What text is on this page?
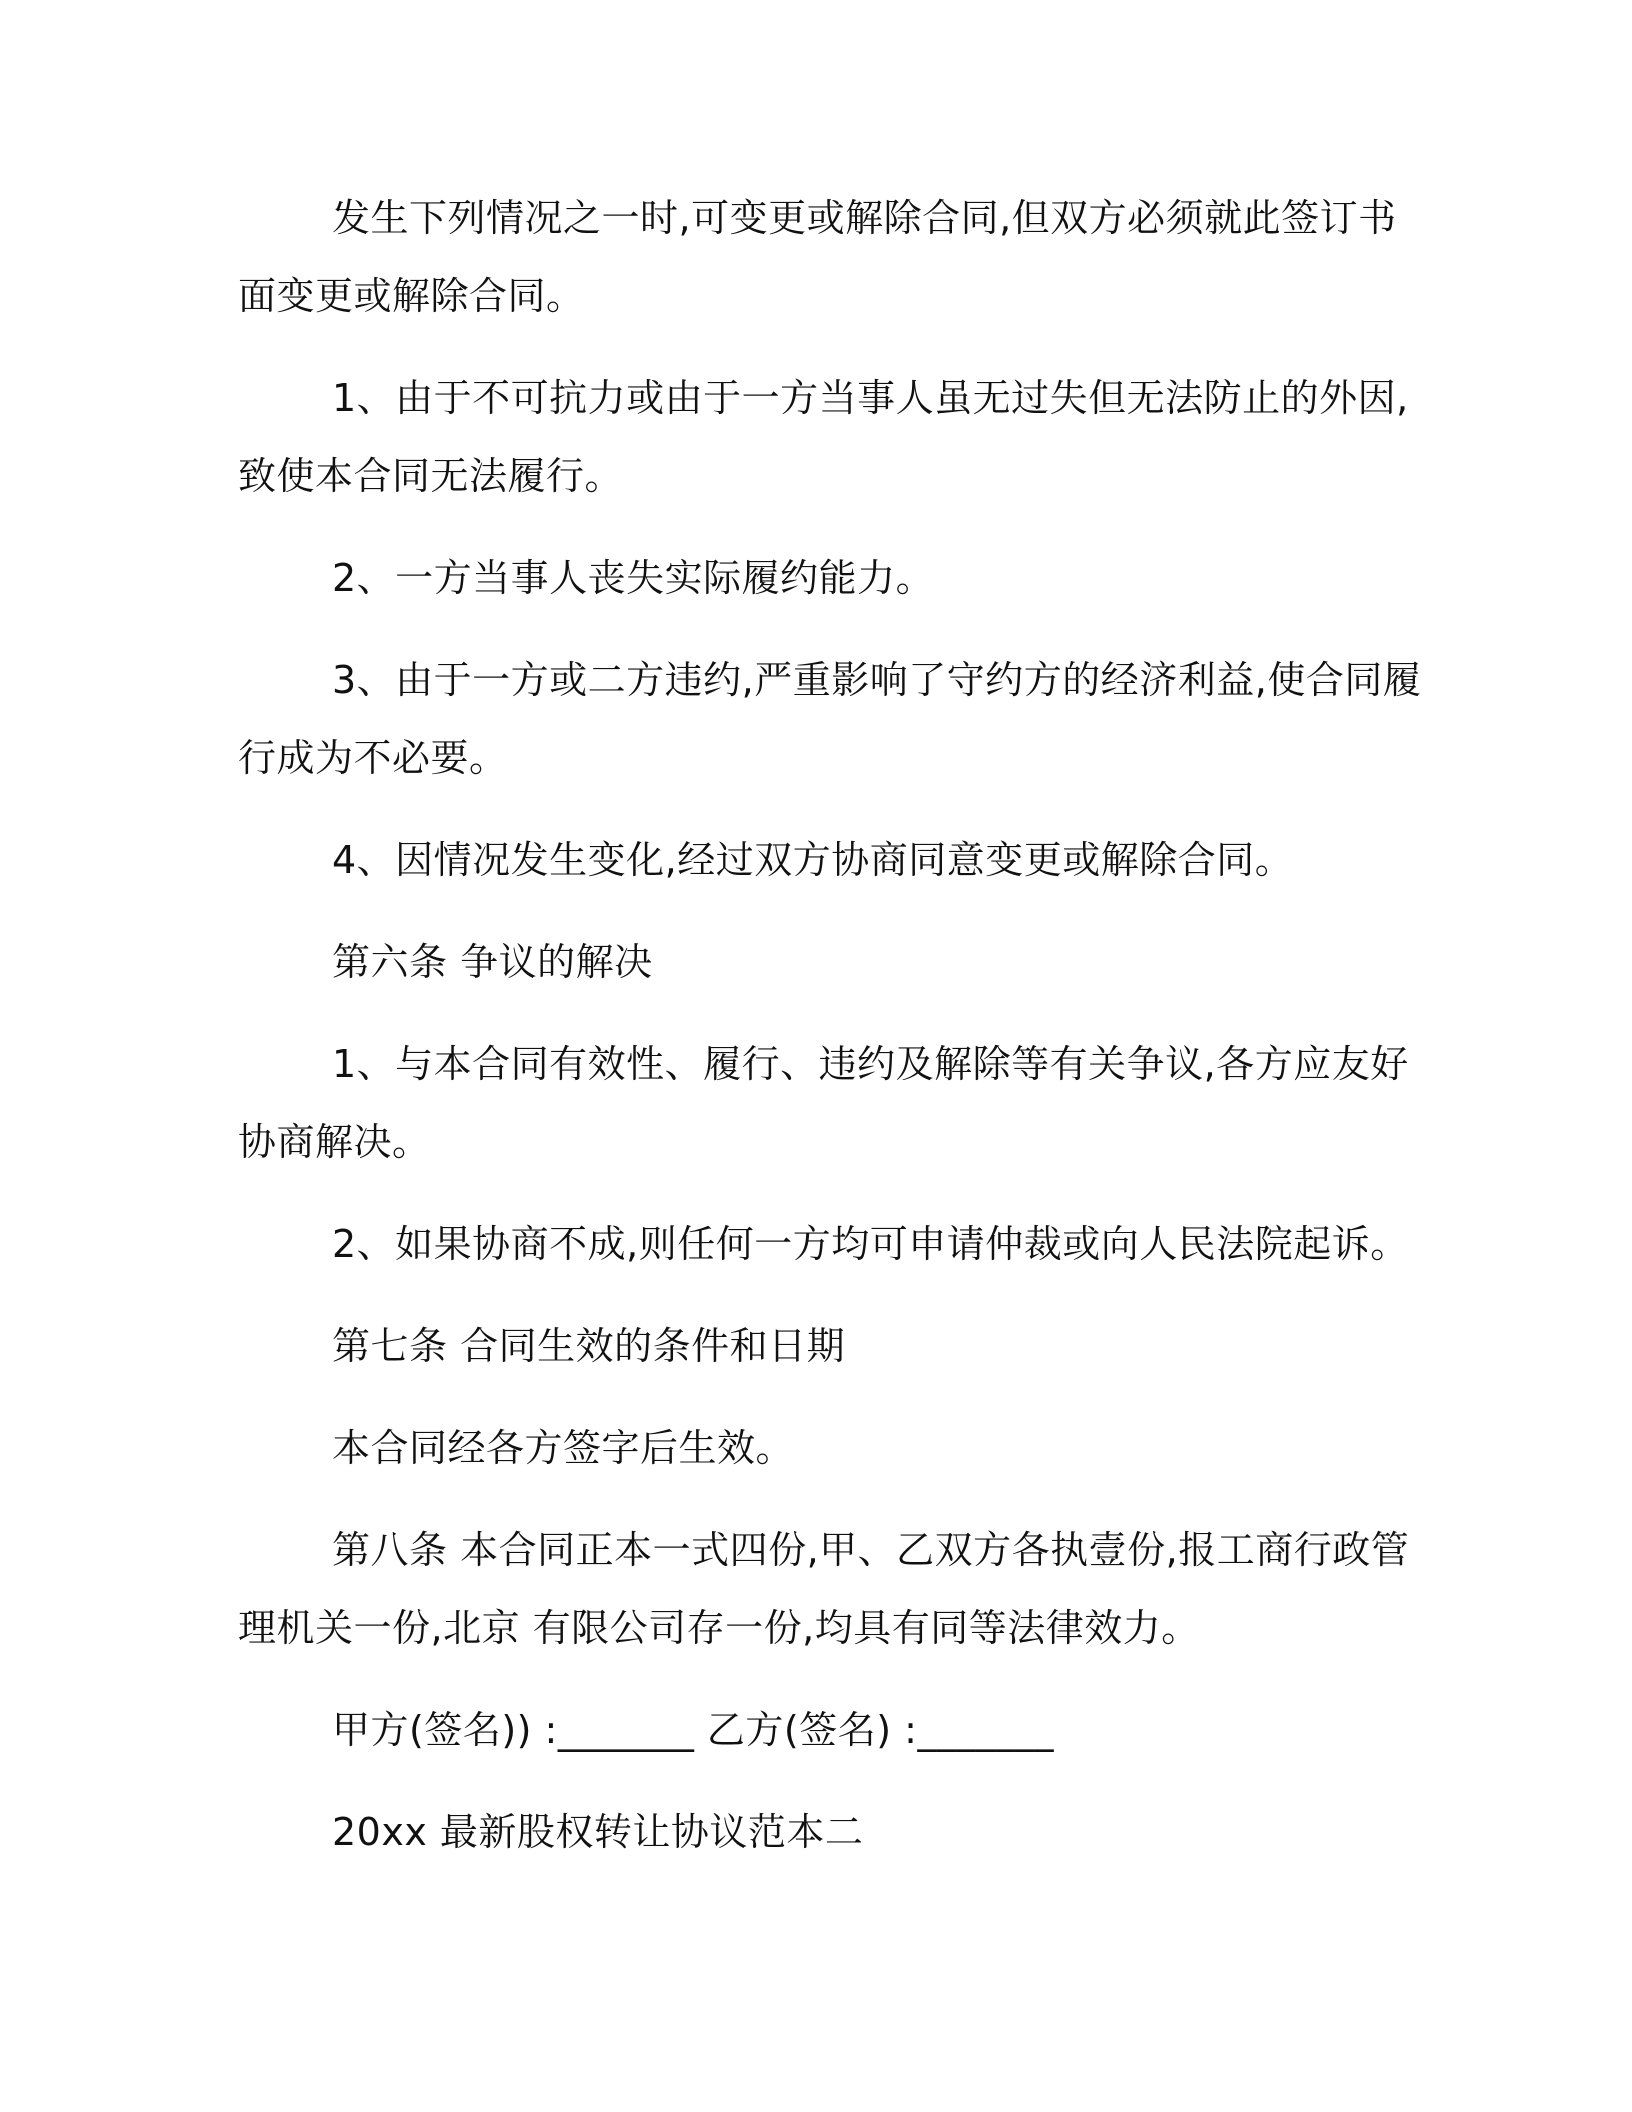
发生下列情况之一时,可变更或解除合同,但双方必须就此签订书
面变更或解除合同。
1、由于不可抗力或由于一方当事人虽无过失但无法防止的外因,
致使本合同无法履行。
2、一方当事人丧失实际履约能力。
3、由于一方或二方违约,严重影响了守约方的经济利益,使合同履
行成为不必要。
4、因情况发生变化,经过双方协商同意变更或解除合同。
第六条 争议的解决
1、与本合同有效性、履行、违约及解除等有关争议,各方应友好
协商解决。
2、如果协商不成,则任何一方均可申请仲裁或向人民法院起诉。
第七条 合同生效的条件和日期
本合同经各方签字后生效。
第八条 本合同正本一式四份,甲、乙双方各执壹份,报工商行政管
理机关一份,北京 有限公司存一份,均具有同等法律效力。
甲方(签名)) :_______ 乙方(签名) :_______
20xx 最新股权转让协议范本二
